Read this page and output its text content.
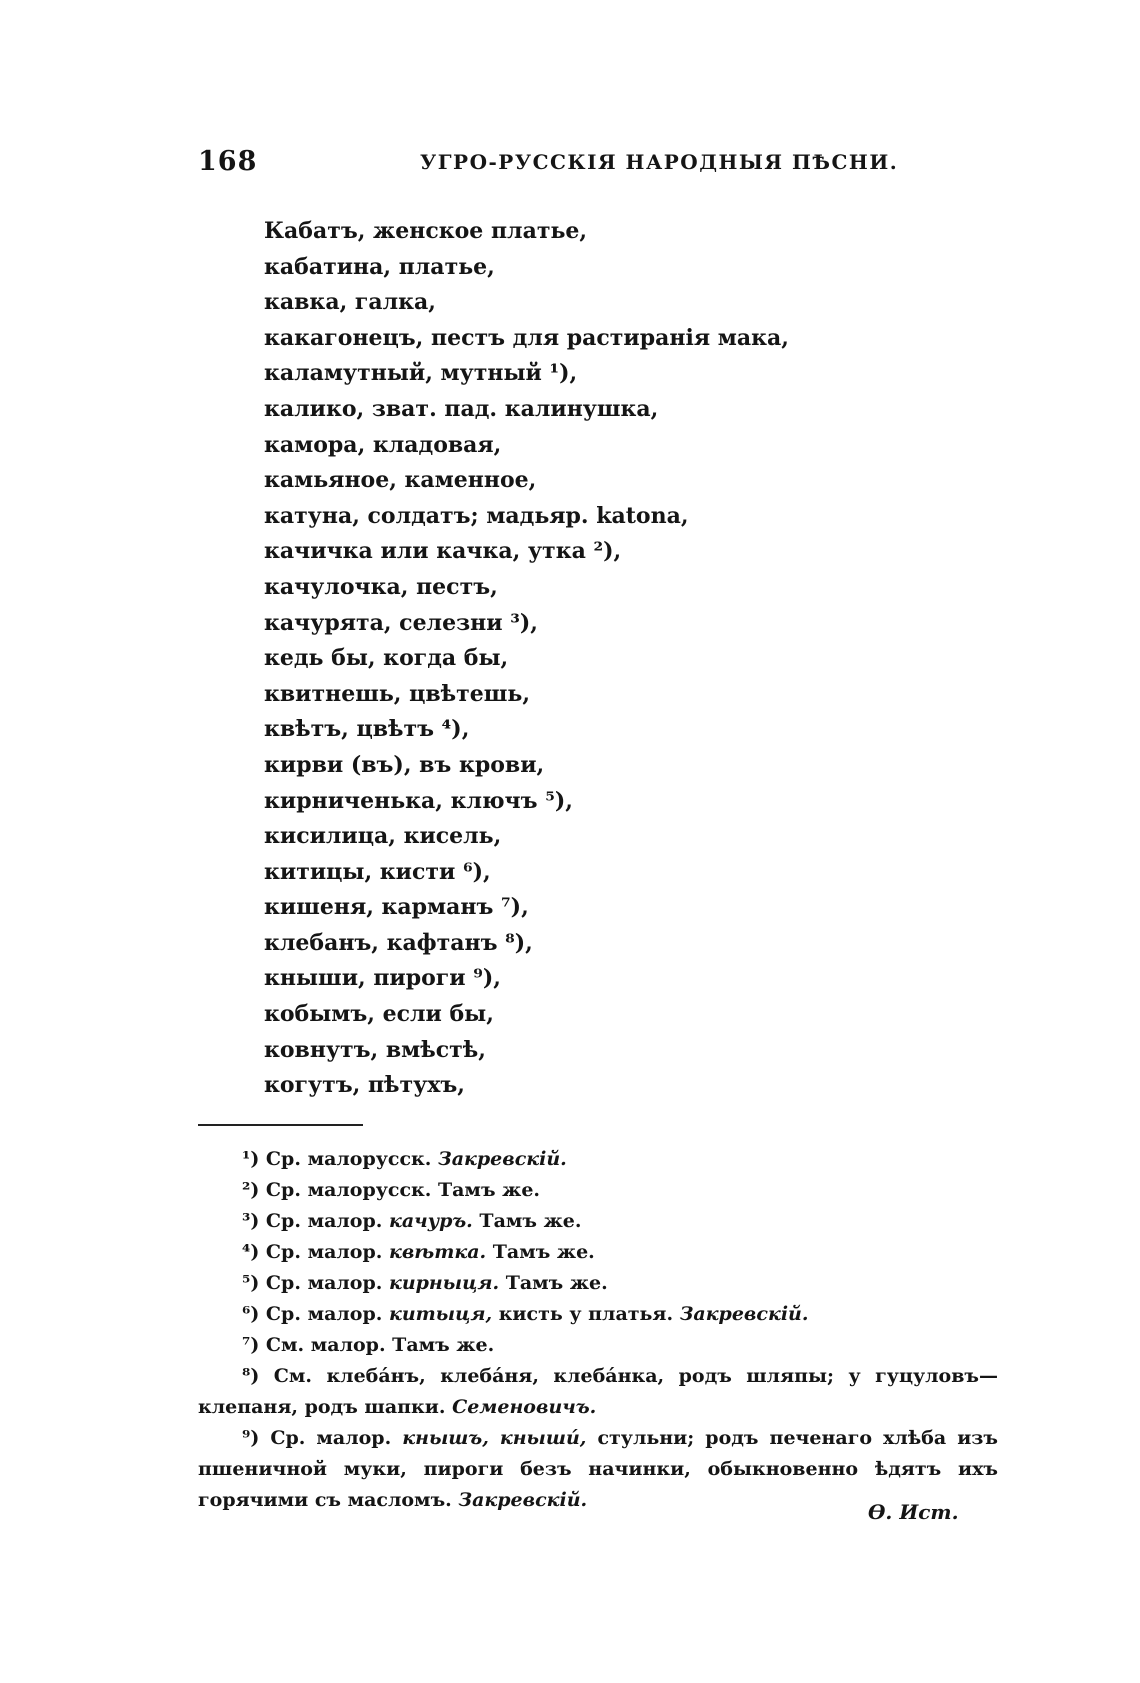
168	УГРО-РУССКІЯ НАРОДНЫЯ ПѢСНИ.
Кабатъ, женское платье,
кабатина, платье,
кавка, галка,
какагонецъ, пестъ для растиранія мака,
каламутный, мутный ¹),
калико, зват. пад. калинушка,
камора, кладовая,
камьяное, каменное,
катуна, солдатъ; мадьяр. katona,
качичка или качка, утка ²),
качулочка, пестъ,
качурята, селезни ³),
кедь бы, когда бы,
квитнешь, цвѣтешь,
квѣтъ, цвѣтъ ⁴),
кирви (въ), въ крови,
кирниченька, ключъ ⁵),
кисилица, кисель,
китицы, кисти ⁶),
кишеня, карманъ ⁷),
клебанъ, кафтанъ ⁸),
кныши, пироги ⁹),
кобымъ, если бы,
ковнутъ, вмѣстѣ,
когутъ, пѣтухъ,
¹) Ср. малорусск. Закревскій.
²) Ср. малорусск. Тамъ же.
³) Ср. малор. качуръ. Тамъ же.
⁴) Ср. малор. квѣтка. Тамъ же.
⁵) Ср. малор. кирныця. Тамъ же.
⁶) Ср. малор. китыця, кисть у платья. Закревскій.
⁷) См. малор. Тамъ же.
⁸) См. клебáнъ, клебáня, клебáнка, родъ шляпы; у гуцуловъ—клепаня, родъ шапки. Семеновичъ.
⁹) Ср. малор. кнышъ, кнышú, стульни; родъ печенаго хлѣба изъ пшеничной муки, пироги безъ начинки, обыкновенно ѣдятъ ихъ горячими съ масломъ. Закревскій.	Ѳ. Ист.
